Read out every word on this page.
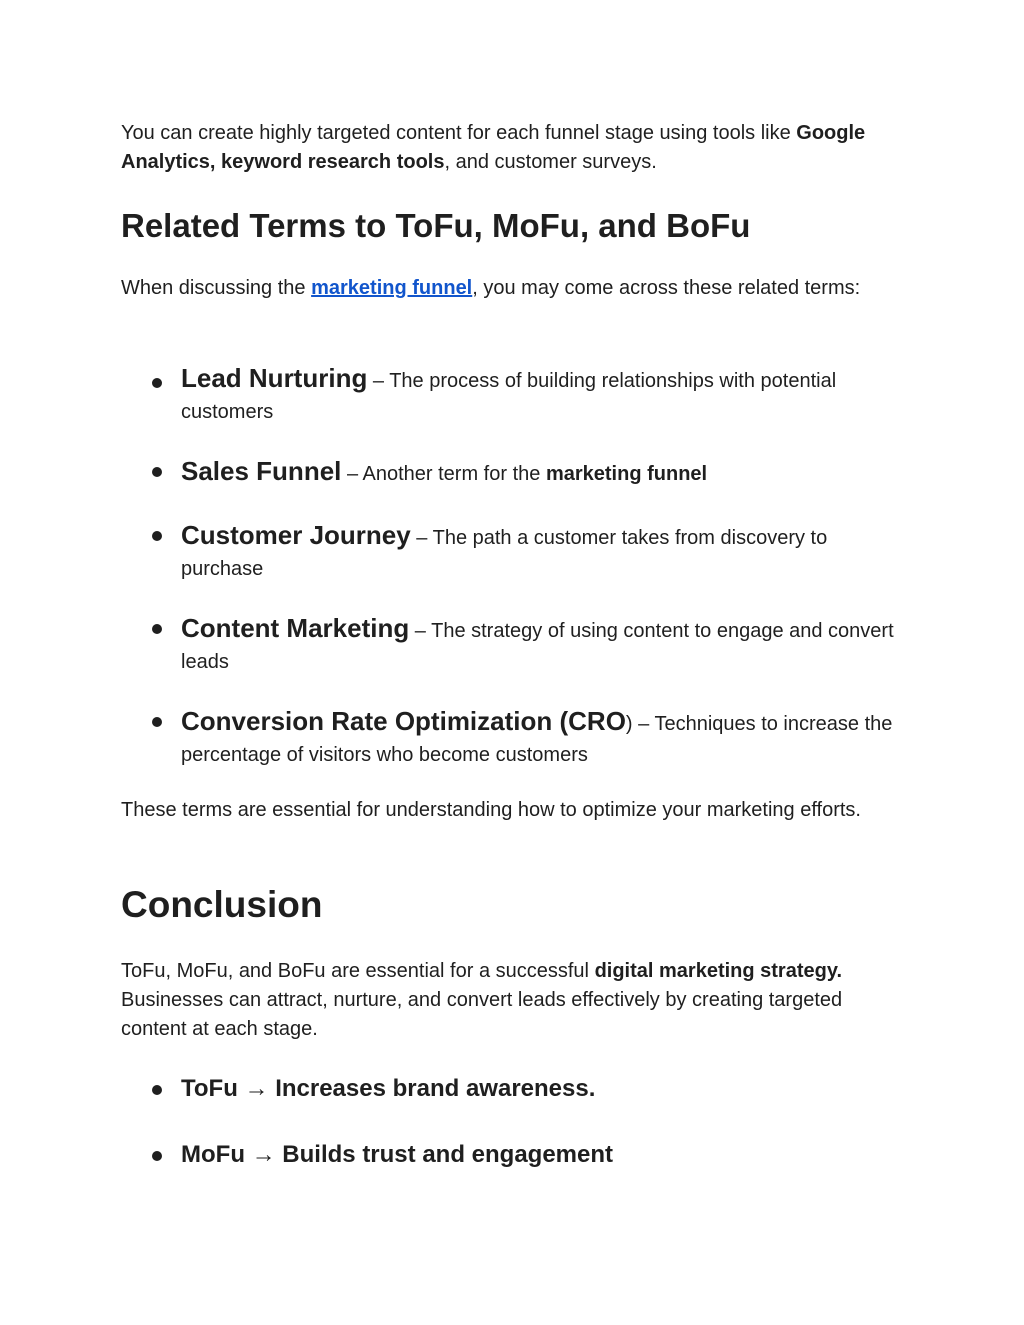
You can create highly targeted content for each funnel stage using tools like Google Analytics, keyword research tools, and customer surveys.

Related Terms to ToFu, MoFu, and BoFu

When discussing the marketing funnel, you may come across these related terms:

Lead Nurturing – The process of building relationships with potential customers
Sales Funnel – Another term for the marketing funnel
Customer Journey – The path a customer takes from discovery to purchase
Content Marketing – The strategy of using content to engage and convert leads
Conversion Rate Optimization (CRO) – Techniques to increase the percentage of visitors who become customers

These terms are essential for understanding how to optimize your marketing efforts.

Conclusion

ToFu, MoFu, and BoFu are essential for a successful digital marketing strategy. Businesses can attract, nurture, and convert leads effectively by creating targeted content at each stage.

ToFu → Increases brand awareness.
MoFu → Builds trust and engagement
